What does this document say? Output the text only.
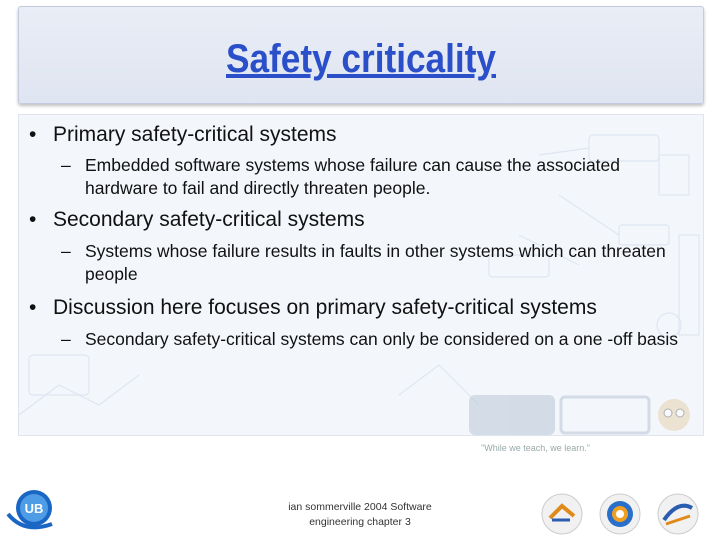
Safety criticality
• Primary safety-critical systems
– Embedded software systems whose failure can cause the associated hardware to fail and directly threaten people.
• Secondary safety-critical systems
– Systems whose failure results in faults in other systems which can threaten people
• Discussion here focuses on primary safety-critical systems
– Secondary safety-critical systems can only be considered on a one -off basis
"While we teach, we learn."
UB	ian sommerville 2004 Software
engineering chapter 3
